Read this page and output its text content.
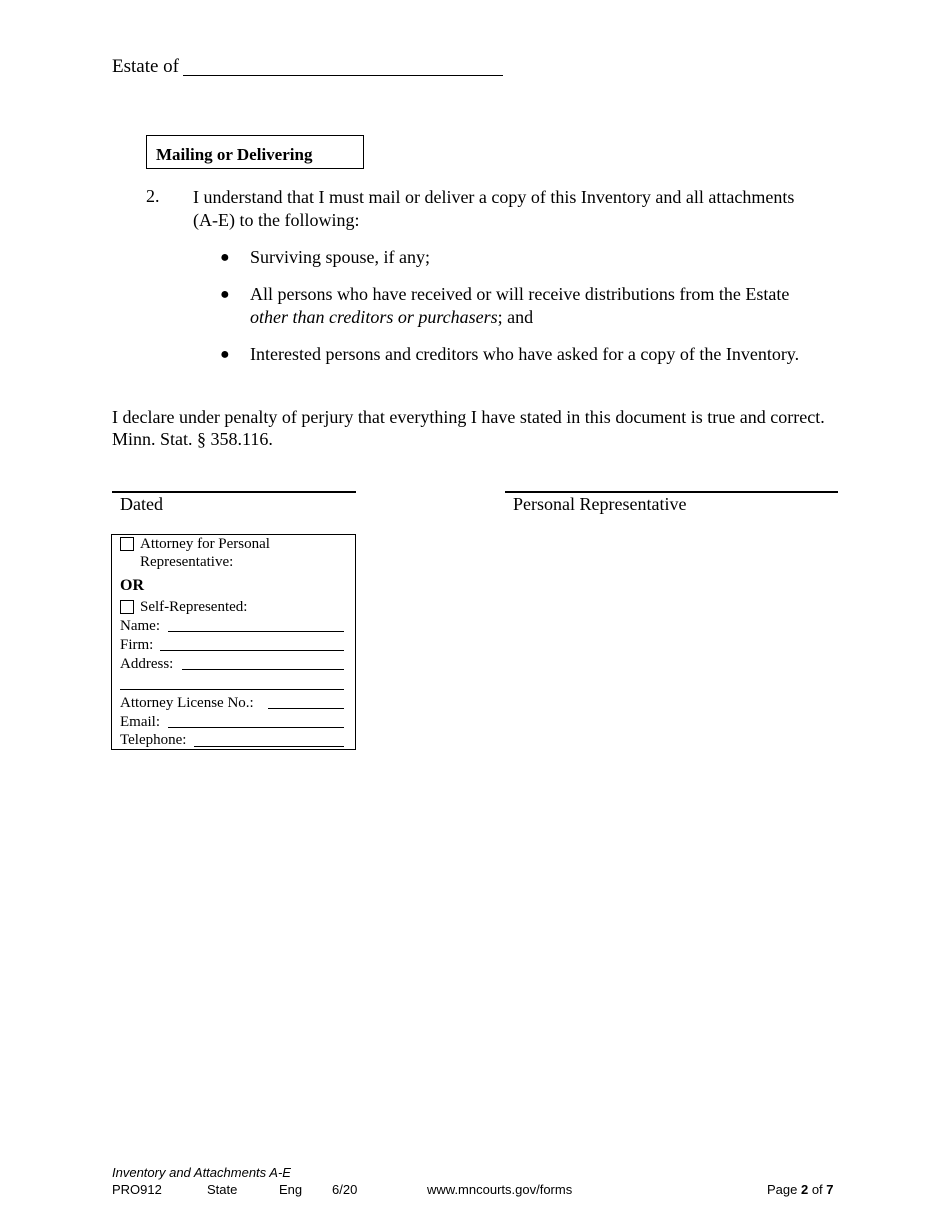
Estate of
Mailing or Delivering
2. I understand that I must mail or deliver a copy of this Inventory and all attachments (A-E) to the following:
● Surviving spouse, if any;
● All persons who have received or will receive distributions from the Estate
other than creditors or purchasers; and
● Interested persons and creditors who have asked for a copy of the Inventory.
I declare under penalty of perjury that everything I have stated in this document is true and correct. Minn. Stat. § 358.116.
Dated	Personal Representative
Attorney for Personal
Representative:
OR
Self-Represented:
Name:
Firm:
Address:
Attorney License No.:
Email:
Telephone:
Inventory and Attachments A-E
PRO912	State	Eng 6/20	www.mncourts.gov/forms	Page 2 of 7
